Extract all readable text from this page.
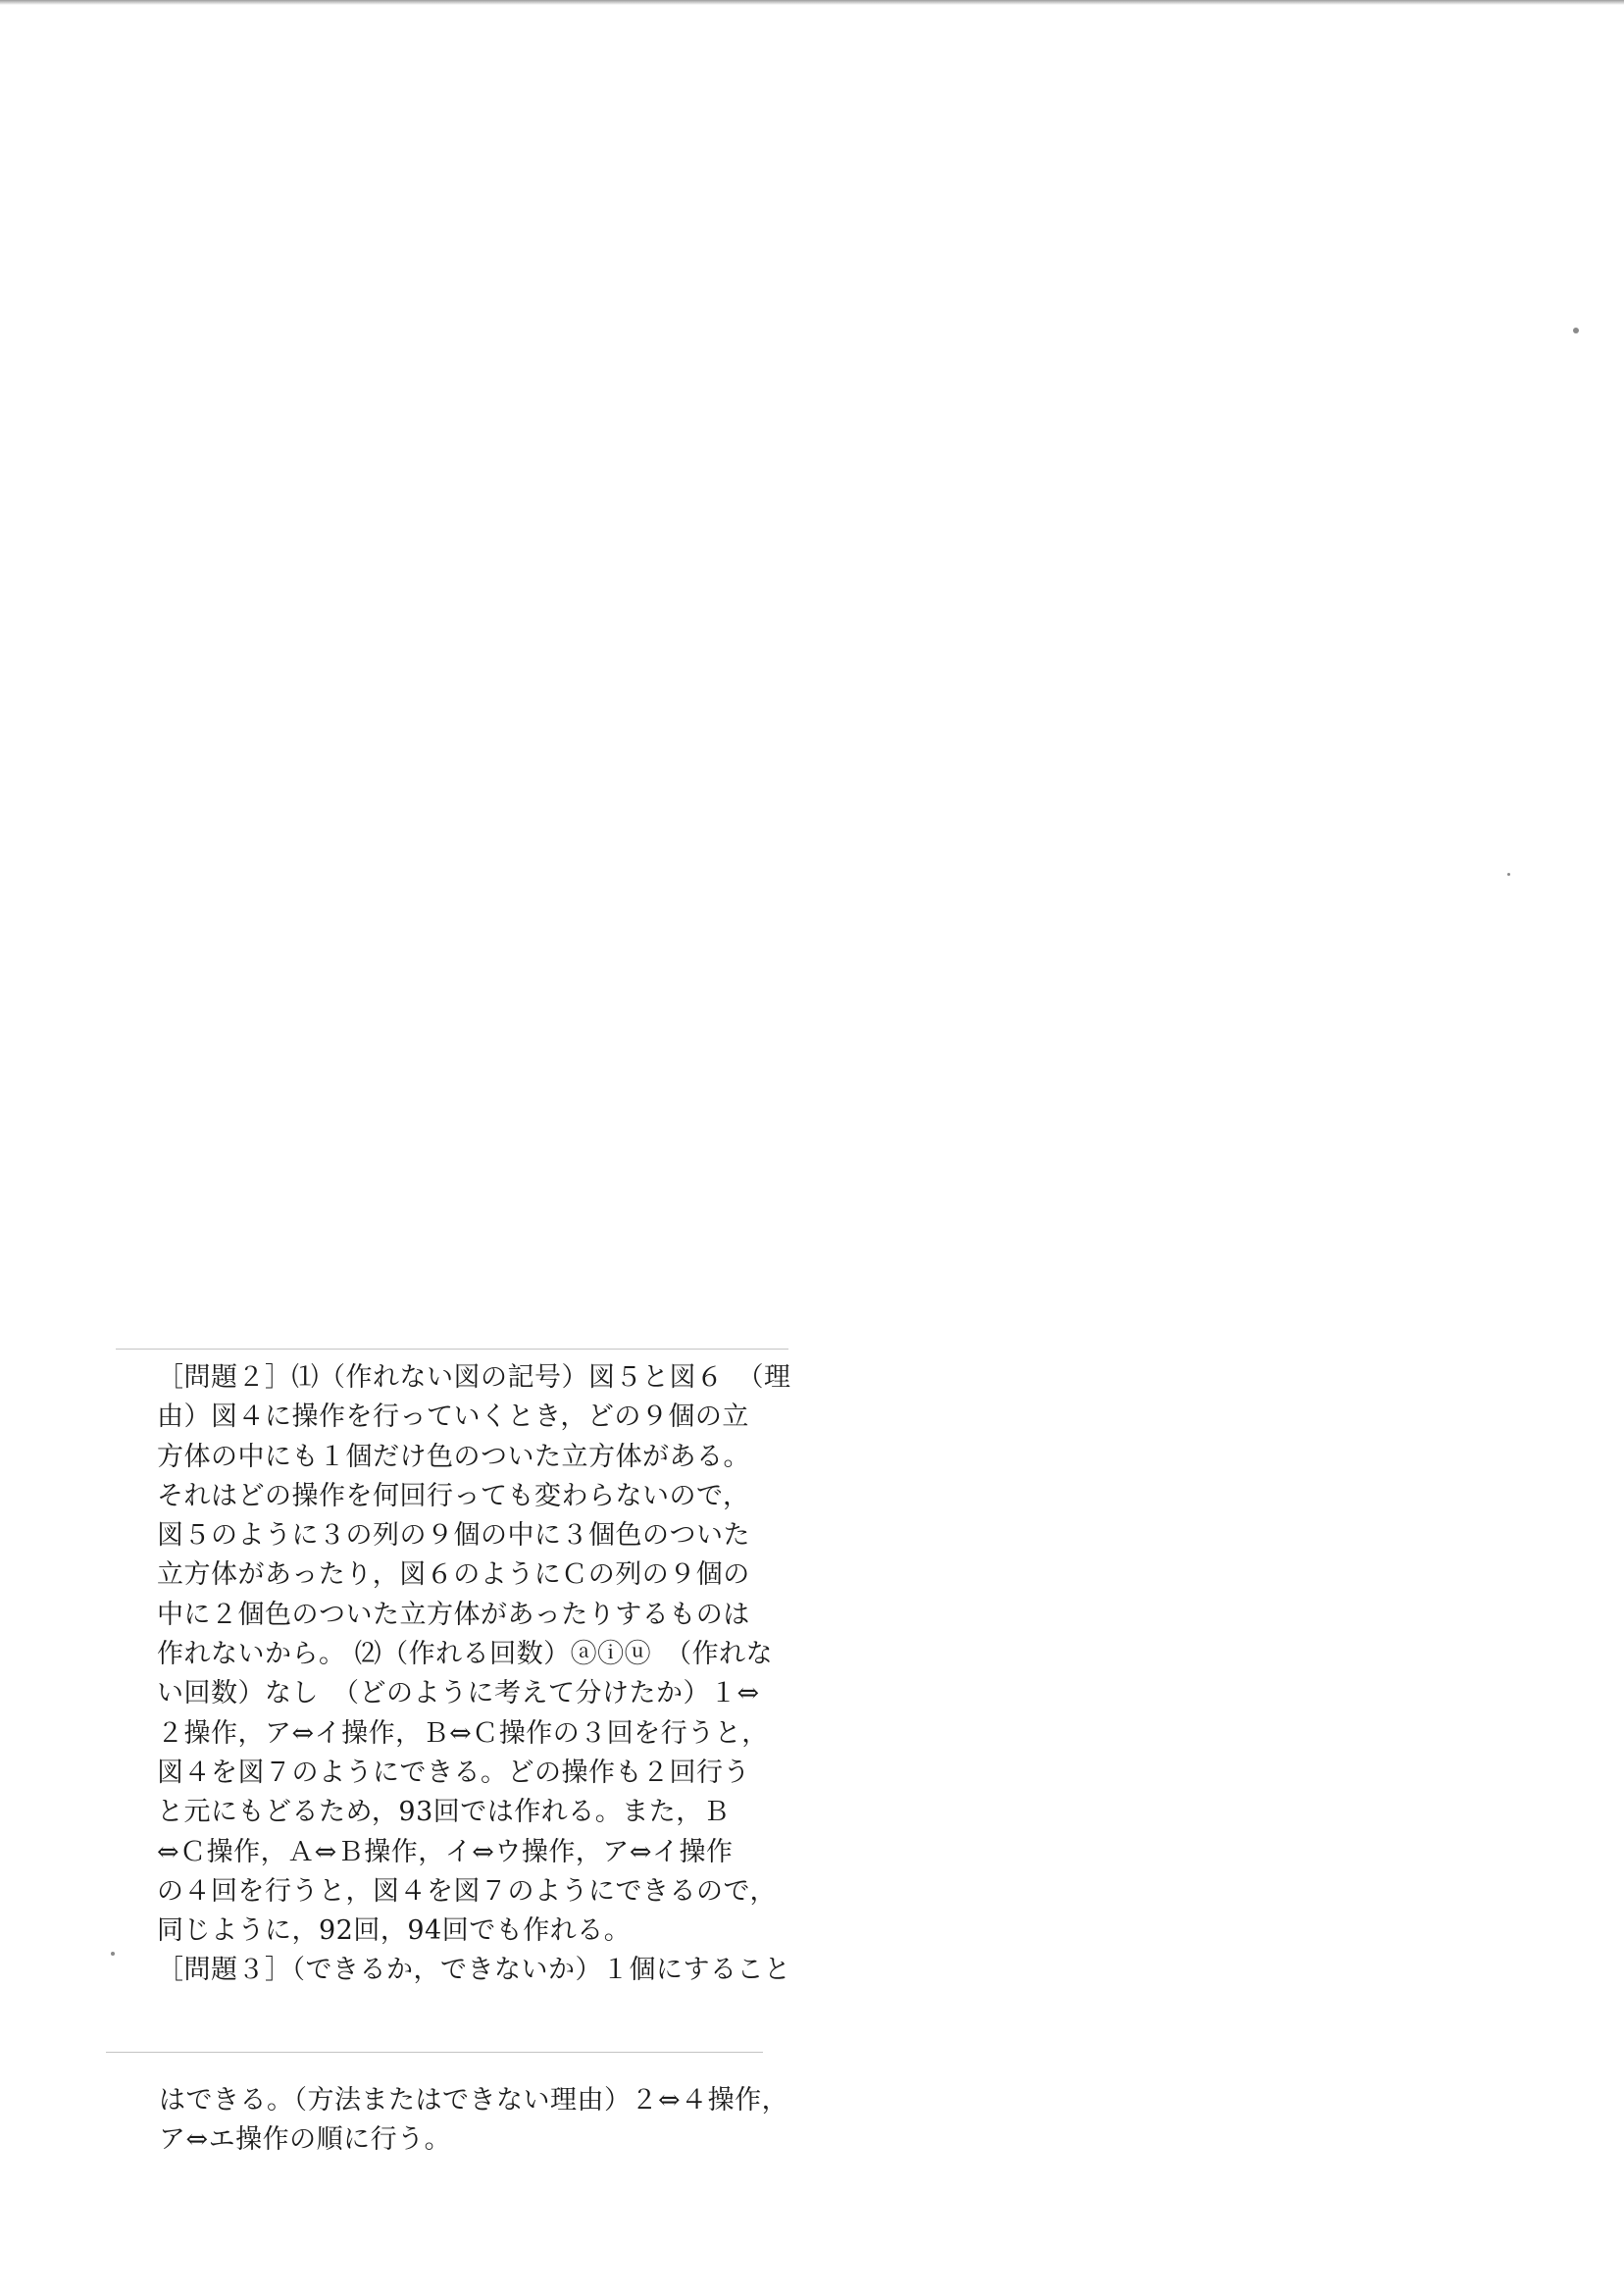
［問題２］⑴（作れない図の記号）図５と図６　（理
由）図４に操作を行っていくとき，どの９個の立
方体の中にも１個だけ色のついた立方体がある。
それはどの操作を何回行っても変わらないので，
図５のように３の列の９個の中に３個色のついた
立方体があったり，図６のようにＣの列の９個の
中に２個色のついた立方体があったりするものは
作れないから。 ⑵（作れる回数）ⓐⓘⓤ　（作れな
い回数）なし　（どのように考えて分けたか）１⇔
２操作，ア⇔イ操作，Ｂ⇔Ｃ操作の３回を行うと，
図４を図７のようにできる。どの操作も２回行う
と元にもどるため，93回では作れる。また，Ｂ
⇔Ｃ操作，Ａ⇔Ｂ操作，イ⇔ウ操作，ア⇔イ操作
の４回を行うと，図４を図７のようにできるので，
同じように，92回，94回でも作れる。
［問題３］（できるか，できないか）１個にすること
はできる。（方法またはできない理由）２⇔４操作，
ア⇔エ操作の順に行う。
